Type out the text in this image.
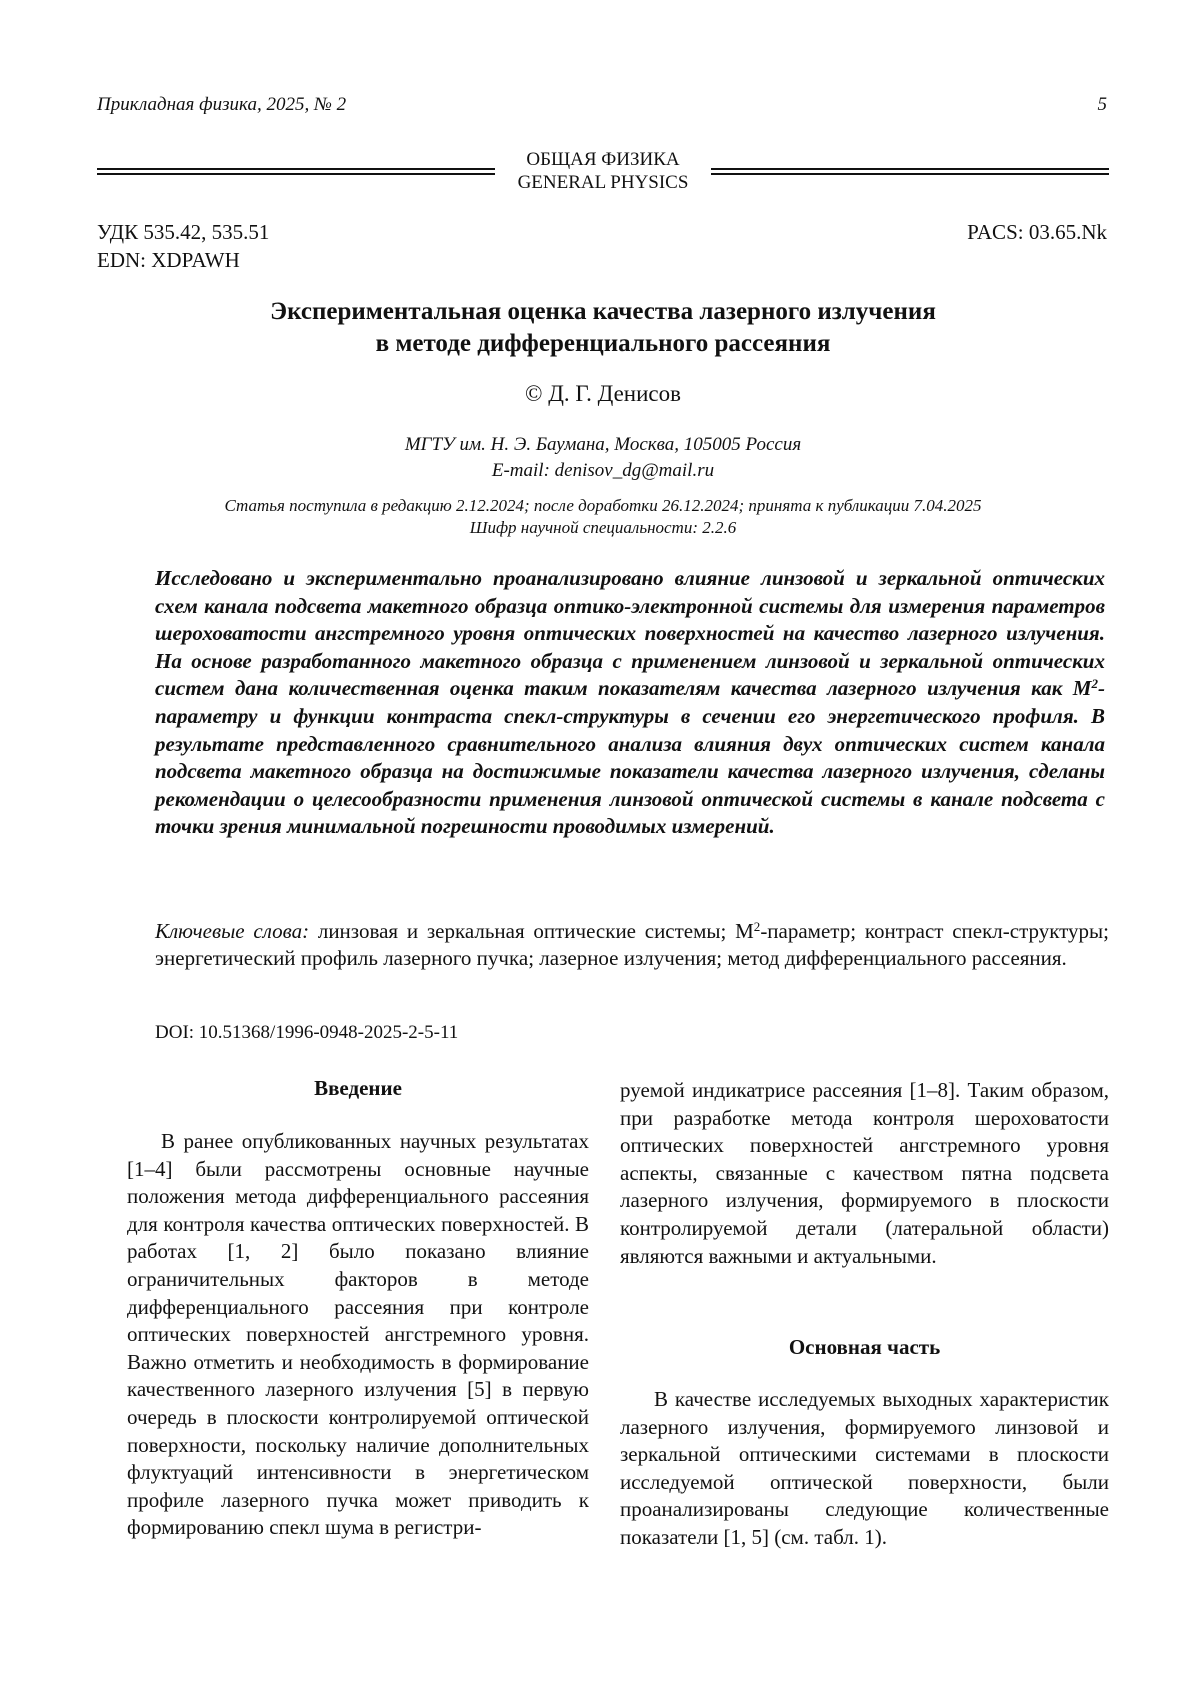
Прикладная физика, 2025, № 2	5
ОБЩАЯ ФИЗИКА
GENERAL PHYSICS
УДК 535.42, 535.51
EDN: XDPAWH
PACS: 03.65.Nk
Экспериментальная оценка качества лазерного излучения
в методе дифференциального рассеяния
© Д. Г. Денисов
МГТУ им. Н. Э. Баумана, Москва, 105005 Россия
E-mail: denisov_dg@mail.ru
Статья поступила в редакцию 2.12.2024; после доработки 26.12.2024; принята к публикации 7.04.2025
Шифр научной специальности: 2.2.6
Исследовано и экспериментально проанализировано влияние линзовой и зеркальной оптических схем канала подсвета макетного образца оптико-электронной системы для измерения параметров шероховатости ангстремного уровня оптических поверхностей на качество лазерного излучения. На основе разработанного макетного образца с применением линзовой и зеркальной оптических систем дана количественная оценка таким показателям качества лазерного излучения как $M^2$-параметру и функции контраста спекл-структуры в сечении его энергетического профиля. В результате представленного сравнительного анализа влияния двух оптических систем канала подсвета макетного образца на достижимые показатели качества лазерного излучения, сделаны рекомендации о целесообразности применения линзовой оптической системы в канале подсвета с точки зрения минимальной погрешности проводимых измерений.
Ключевые слова: линзовая и зеркальная оптические системы; $M^2$-параметр; контраст спекл-структуры; энергетический профиль лазерного пучка; лазерное излучения; метод дифференциального рассеяния.
DOI: 10.51368/1996-0948-2025-2-5-11
Введение
В ранее опубликованных научных результатах [1–4] были рассмотрены основные научные положения метода дифференциального рассеяния для контроля качества оптических поверхностей. В работах [1, 2] было показано влияние ограничительных факторов в методе дифференциального рассеяния при контроле оптических поверхностей ангстремного уровня. Важно отметить и необходимость в формирование качественного лазерного излучения [5] в первую очередь в плоскости контролируемой оптической поверхности, поскольку наличие дополнительных флуктуаций интенсивности в энергетическом профиле лазерного пучка может приводить к формированию спекл шума в регистри-
руемой индикатрисе рассеяния [1–8]. Таким образом, при разработке метода контроля шероховатости оптических поверхностей ангстремного уровня аспекты, связанные с качеством пятна подсвета лазерного излучения, формируемого в плоскости контролируемой детали (латеральной области) являются важными и актуальными.
Основная часть
В качестве исследуемых выходных характеристик лазерного излучения, формируемого линзовой и зеркальной оптическими системами в плоскости исследуемой оптической поверхности, были проанализированы следующие количественные показатели [1, 5] (см. табл. 1).
